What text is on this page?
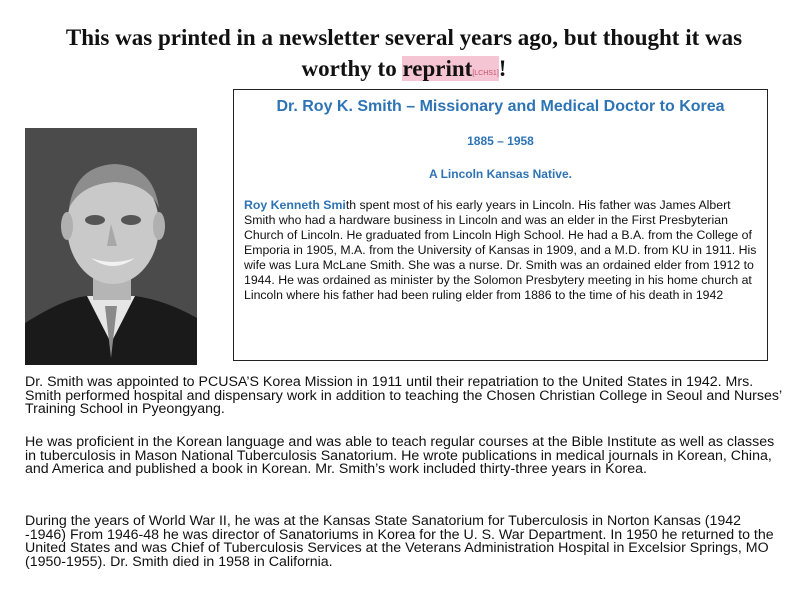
This was printed in a newsletter several years ago, but thought it was
worthy to reprint[LCHS1]!
Dr. Roy K. Smith – Missionary and Medical Doctor to Korea
1885 – 1958
A Lincoln Kansas Native.
Roy Kenneth Smith spent most of his early years in Lincoln. His father was James Albert Smith who had a hardware business in Lincoln and was an elder in the First Presbyterian Church of Lincoln. He graduated from Lincoln High School. He had a B.A. from the College of Emporia in 1905, M.A. from the University of Kansas in 1909, and a M.D. from KU in 1911. His wife was Lura McLane Smith. She was a nurse. Dr. Smith was an ordained elder from 1912 to 1944. He was ordained as minister by the Solomon Presbytery meeting in his home church at Lincoln where his father had been ruling elder from 1886 to the time of his death in 1942
Dr. Smith was appointed to PCUSA’S Korea Mission in 1911 until their repatriation to the United States in 1942. Mrs. Smith performed hospital and dispensary work in addition to teaching the Chosen Christian College in Seoul and Nurses’ Training School in Pyeongyang.
He was proficient in the Korean language and was able to teach regular courses at the Bible Institute as well as classes in tuberculosis in Mason National Tuberculosis Sanatorium. He wrote publications in medical journals in Korean, China, and America and published a book in Korean. Mr. Smith’s work included thirty-three years in Korea.
During the years of World War II, he was at the Kansas State Sanatorium for Tuberculosis in Norton Kansas (1942 -1946) From 1946-48 he was director of Sanatoriums in Korea for the U. S. War Department. In 1950 he returned to the United States and was Chief of Tuberculosis Services at the Veterans Administration Hospital in Excelsior Springs, MO (1950-1955). Dr. Smith died in 1958 in California.
